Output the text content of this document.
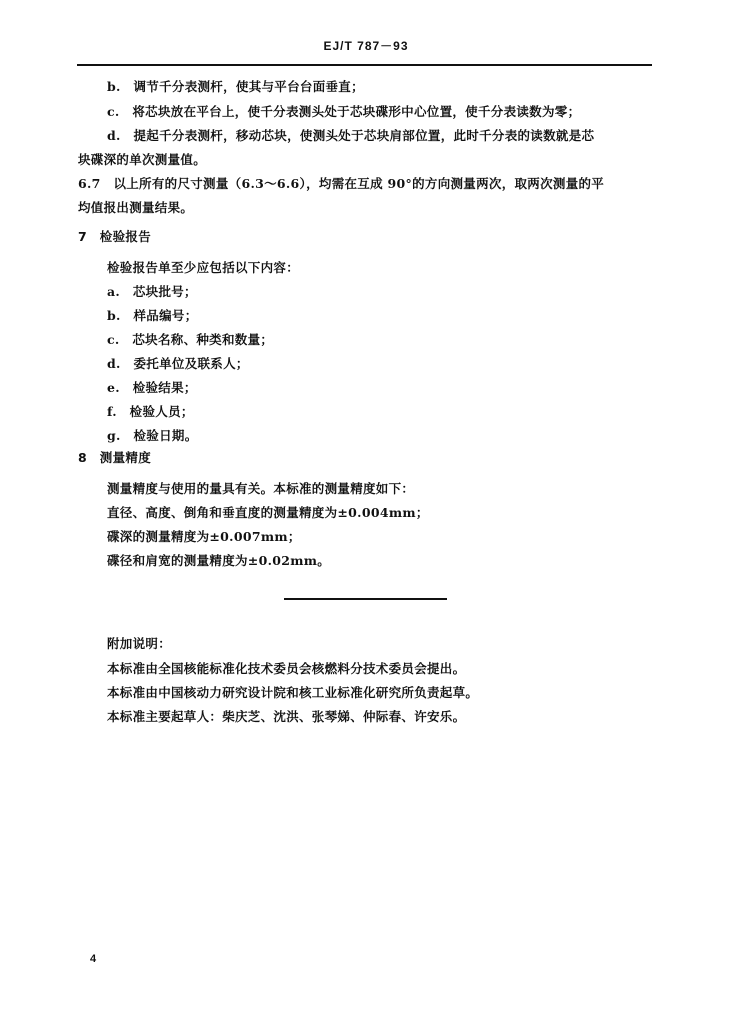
EJ/T 787－93
b.　调节千分表测杆，使其与平台台面垂直；
c.　将芯块放在平台上，使千分表测头处于芯块碟形中心位置，使千分表读数为零；
d.　提起千分表测杆，移动芯块，使测头处于芯块肩部位置，此时千分表的读数就是芯
块碟深的单次测量值。
6.7　以上所有的尺寸测量（6.3～6.6），均需在互成 90°的方向测量两次，取两次测量的平
均值报出测量结果。
7　检验报告
检验报告单至少应包括以下内容：
a.　芯块批号；
b.　样品编号；
c.　芯块名称、种类和数量；
d.　委托单位及联系人；
e.　检验结果；
f.　检验人员；
g.　检验日期。
8　测量精度
测量精度与使用的量具有关。本标准的测量精度如下：
直径、高度、倒角和垂直度的测量精度为±0.004mm；
碟深的测量精度为±0.007mm；
碟径和肩宽的测量精度为±0.02mm。
附加说明：
本标准由全国核能标准化技术委员会核燃料分技术委员会提出。
本标准由中国核动力研究设计院和核工业标准化研究所负责起草。
本标准主要起草人：柴庆芝、沈洪、张琴娣、仲际春、许安乐。
4
